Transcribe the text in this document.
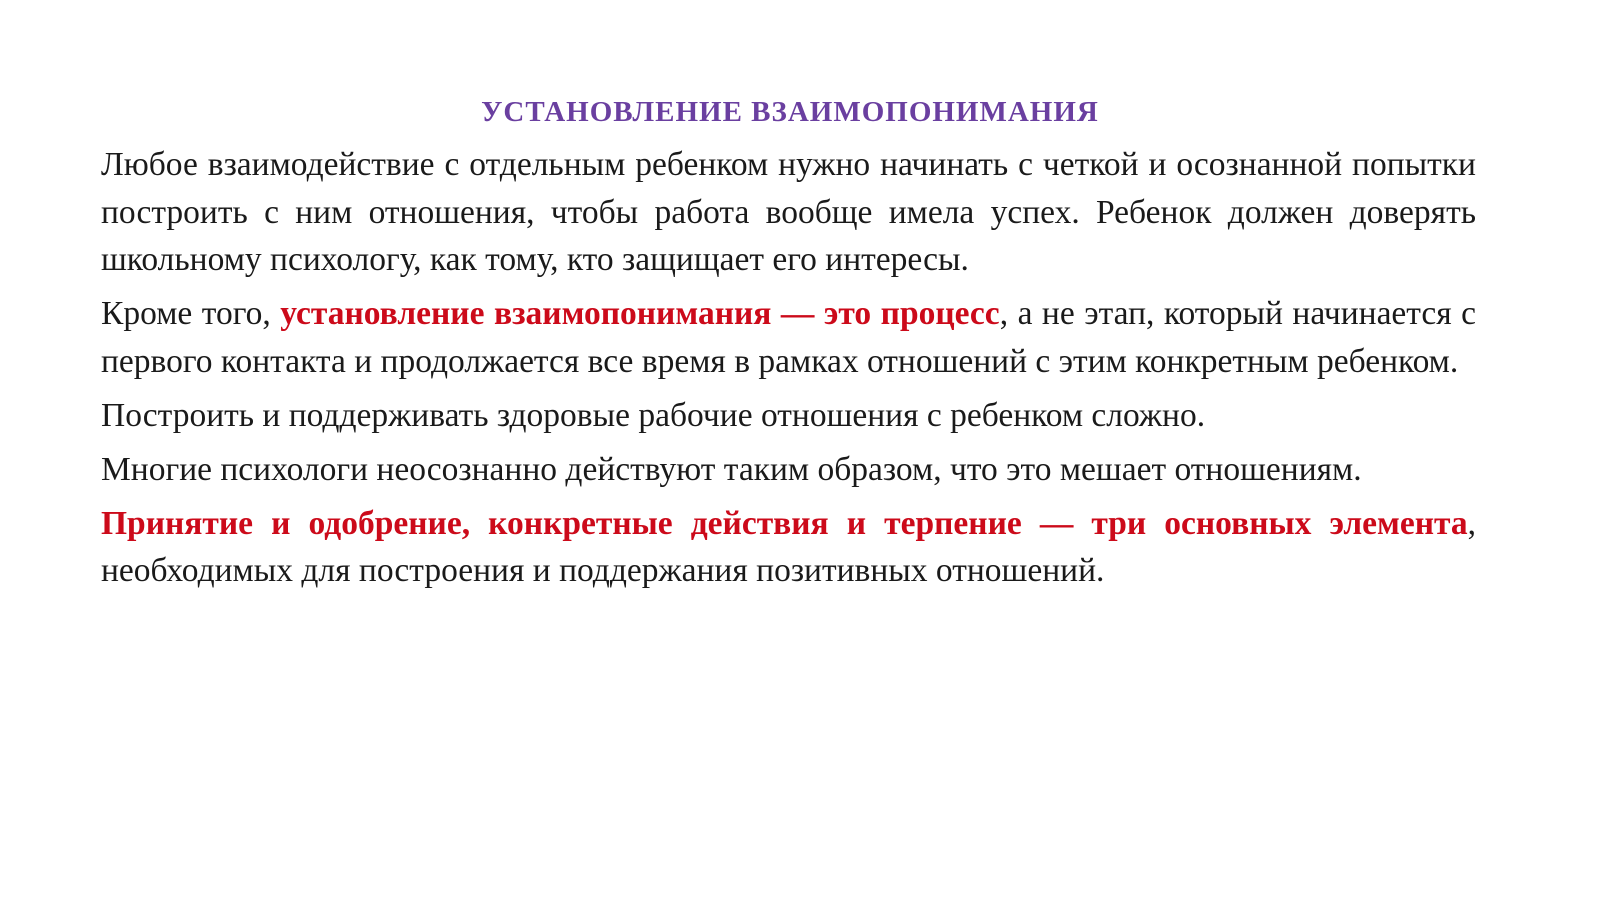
УСТАНОВЛЕНИЕ ВЗАИМОПОНИМАНИЯ

Любое взаимодействие с отдельным ребенком нужно начинать с четкой и осознанной попытки построить с ним отношения, чтобы работа вообще имела успех. Ребенок должен доверять школьному психологу, как тому, кто защищает его интересы.

Кроме того, установление взаимопонимания — это процесс, а не этап, который начинается с первого контакта и продолжается все время в рамках отношений с этим конкретным ребенком.

Построить и поддерживать здоровые рабочие отношения с ребенком сложно.

Многие психологи неосознанно действуют таким образом, что это мешает отношениям.

Принятие и одобрение, конкретные действия и терпение — три основных элемента, необходимых для построения и поддержания позитивных отношений.
